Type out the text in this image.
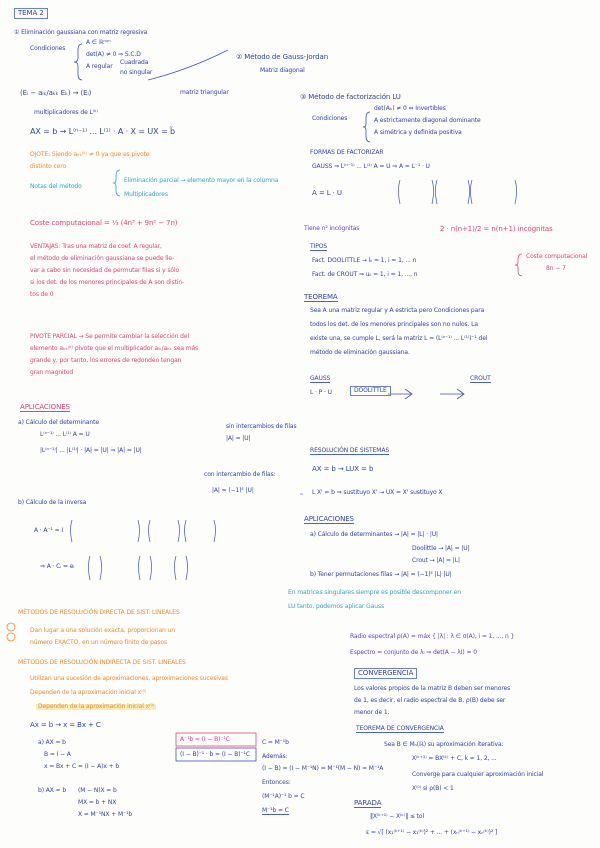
TEMA 2
① Eliminación gaussiana con matriz regresiva
Condiciones
A ∈ ℝⁿˣⁿ
det(A) ≠ 0 ⇒ S.C.D
A regular
Cuadrada
no singular
② Método de Gauss-Jordan
Matriz diagonal
(Eᵢ − aᵢₖ/aₖₖ Eₖ) → (Eᵢ)	matriz triangular
multiplicadores de L⁽ᵏ⁾
AX = b → L⁽ⁿ⁻¹⁾ ... L⁽¹⁾ · A · X = UX = b̃
OJOTE: Siendo aₖₖ⁽ᵏ⁾ ≠ 0 ya que es pivote
distinto cero
Notas del método
Eliminación parcial → elemento mayor en la columna
Multiplicadores
Coste computacional = ⅓ (4n³ + 9n² − 7n)
VENTAJAS: Tras una matriz de coef. A regular,
el método de eliminación gaussiana se puede lle-
var a cabo sin necesidad de permutar filas si y sólo
si los det. de los menores principales de A son distin-
tos de 0
PIVOTE PARCIAL → Se permite cambiar la selección del
elemento aₖₖ⁽ᵏ⁾ pivote que el multiplicador aᵢₖ/aₖₖ sea más
grande y, por tanto, los errores de redondeo tengan
gran magnitud
APLICACIONES
a) Cálculo del determinante
L⁽ⁿ⁻¹⁾ ... L⁽¹⁾ A = U
|L⁽ⁿ⁻¹⁾| ... |L⁽¹⁾| · |A| = |U| ⇒ |A| = |U|
sin intercambios de filas
|A| = |U|
con intercambio de filas:
|A| = (−1)ᴱ |U|
b) Cálculo de la inversa
A · A⁻¹ = I
⇒ A · Cᵢ = eᵢ
MÉTODOS DE RESOLUCIÓN DIRECTA DE SIST. LINEALES
Dan lugar a una solución exacta, proporcionan un
número EXACTO, en un número finito de pasos
MÉTODOS DE RESOLUCIÓN INDIRECTA DE SIST. LINEALES
Utilizan una sucesión de aproximaciones, aproximaciones sucesivas
Dependen de la aproximación inicial x⁽⁰⁾
Dependen de la aproximación inicial x⁽⁰⁾
Ax = b → x = Bx + C
a) AX = b
B = I − A
x = Bx + C = (I − A)x + b
A⁻¹b = (I − B)⁻¹C
(I − B)⁻¹ · b = (I − B)⁻¹C
b) AX = b (M − N)X = b
MX = b + NX
X = M⁻¹NX + M⁻¹b
C = M⁻¹b
Además:
(I − B) = (I − M⁻¹N) = M⁻¹(M − N) = M⁻¹A
Entonces:
(M⁻¹A)⁻¹ b = C
M⁻¹b = C
③ Método de factorización LU
Condiciones
det(Aₖ) ≠ 0 ⇔ Invertibles
A estrictamente diagonal dominante
A simétrica y definida positiva
FORMAS DE FACTORIZAR
GAUSS ⇒ L⁽ⁿ⁻¹⁾ ... L⁽¹⁾ A = U ⇒ A = L⁻¹ · U
A = L · U
Tiene n² incógnitas	2 · n(n+1)/2 = n(n+1) incógnitas
TIPOS
Fact. DOOLITTLE → lᵢᵢ = 1, i = 1, ... n
Fact. de CROUT ⇒ uᵢᵢ = 1, i = 1, ..., n
Coste computacional
8n − 7
TEOREMA
Sea A una matriz regular y A estricta pero Condiciones para
todos los det. de los menores principales son no nulos. La
existe una, se cumple L, será la matriz L = (L⁽ⁿ⁻¹⁾ ... L⁽¹⁾)⁻¹ del
método de eliminación gaussiana.
GAUSS
DOOLITTLE
CROUT
L · P · U
RESOLUCIÓN DE SISTEMAS
AX = b → LUX = b
L X' = b ⇒ sustituyo X' → UX = X' sustituyo X
APLICACIONES
a) Cálculo de determinantes → |A| = |L| · |U|
Doolittle → |A| = |U|
Crout → |A| = |L|
b) Tener permutaciones filas → |A| = (−1)ᴱ |L| |U|
En matrices singulares siempre es posible descomponer en
LU tanto, podemos aplicar Gauss
Radio espectral ρ(A) = máx { |λ| : λ ∈ σ(A), i = 1, ..., n }
Espectro = conjunto de λᵢ ⇒ det(A − λI) = 0
CONVERGENCIA
Los valores propios de la matriz B deben ser menores
de 1, es decir, el radio espectral de B, ρ(B) debe ser
menor de 1.
TEOREMA DE CONVERGENCIA
Sea B ∈ Mₙ(ℝ) su aproximación iterativa:
X⁽ᵏ⁺¹⁾ = BX⁽ᵏ⁾ + C, k = 1, 2, ...
Converge para cualquier aproximación inicial
X⁽⁰⁾ si ρ(B) < 1
PARADA
‖X⁽ᵏ⁺¹⁾ − X⁽ᵏ⁾‖ ≤ tol
ε = √[ (x₁⁽ᵏ⁺¹⁾ − x₁⁽ᵏ⁾)² + ... + (xₙ⁽ᵏ⁺¹⁾ − xₙ⁽ᵏ⁾)² ]
